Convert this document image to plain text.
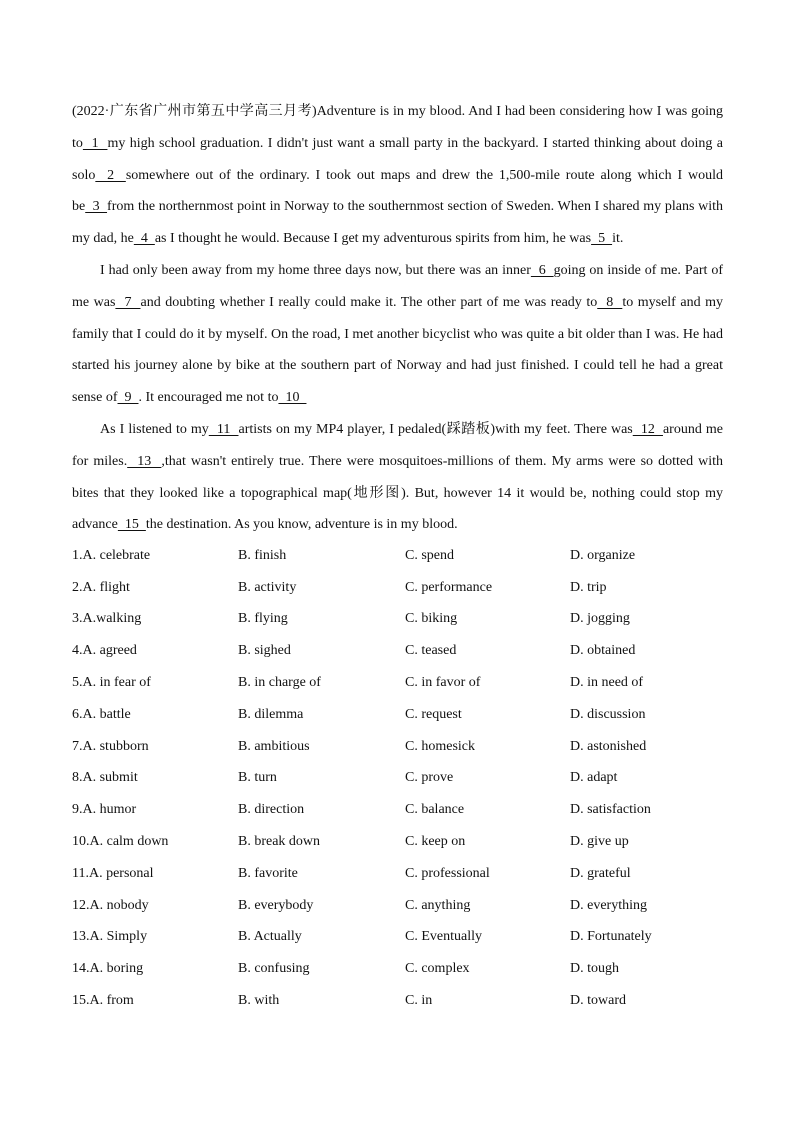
(2022·广东省广州市第五中学高三月考)Adventure is in my blood. And I had been considering how I was going to  1  my high school graduation. I didn't just want a small party in the backyard. I started thinking about doing a solo  2  somewhere out of the ordinary. I took out maps and drew the 1,500-mile route along which I would be  3  from the northernmost point in Norway to the southernmost section of Sweden. When I shared my plans with my dad, he  4  as I thought he would. Because I get my adventurous spirits from him, he was  5  it.

I had only been away from my home three days now, but there was an inner  6  going on inside of me. Part of me was  7  and doubting whether I really could make it. The other part of me was ready to  8  to myself and my family that I could do it by myself. On the road, I met another bicyclist who was quite a bit older than I was. He had started his journey alone by bike at the southern part of Norway and had just finished. I could tell he had a great sense of  9  . It encouraged me not to  10

As I listened to my  11  artists on my MP4 player, I pedaled(踩踏板)with my feet. There was  12  around me for miles.  13  ,that wasn't entirely true. There were mosquitoes-millions of them. My arms were so dotted with bites that they looked like a topographical map(地形图). But, however 14 it would be, nothing could stop my advance  15  the destination. As you know, adventure is in my blood.

1.A. celebrate	B. finish	C. spend	D. organize
2.A. flight	B. activity	C. performance	D. trip
3.A.walking	B. flying	C. biking	D. jogging
4.A. agreed	B. sighed	C. teased	D. obtained
5.A. in fear of	B. in charge of	C. in favor of	D. in need of
6.A. battle	B. dilemma	C. request	D. discussion
7.A. stubborn	B. ambitious	C. homesick	D. astonished
8.A. submit	B. turn	C. prove	D. adapt
9.A. humor	B. direction	C. balance	D. satisfaction
10.A. calm down	B. break down	C. keep on	D. give up
11.A. personal	B. favorite	C. professional	D. grateful
12.A. nobody	B. everybody	C. anything	D. everything
13.A. Simply	B. Actually	C. Eventually	D. Fortunately
14.A. boring	B. confusing	C. complex	D. tough
15.A. from	B. with	C. in	D. toward
